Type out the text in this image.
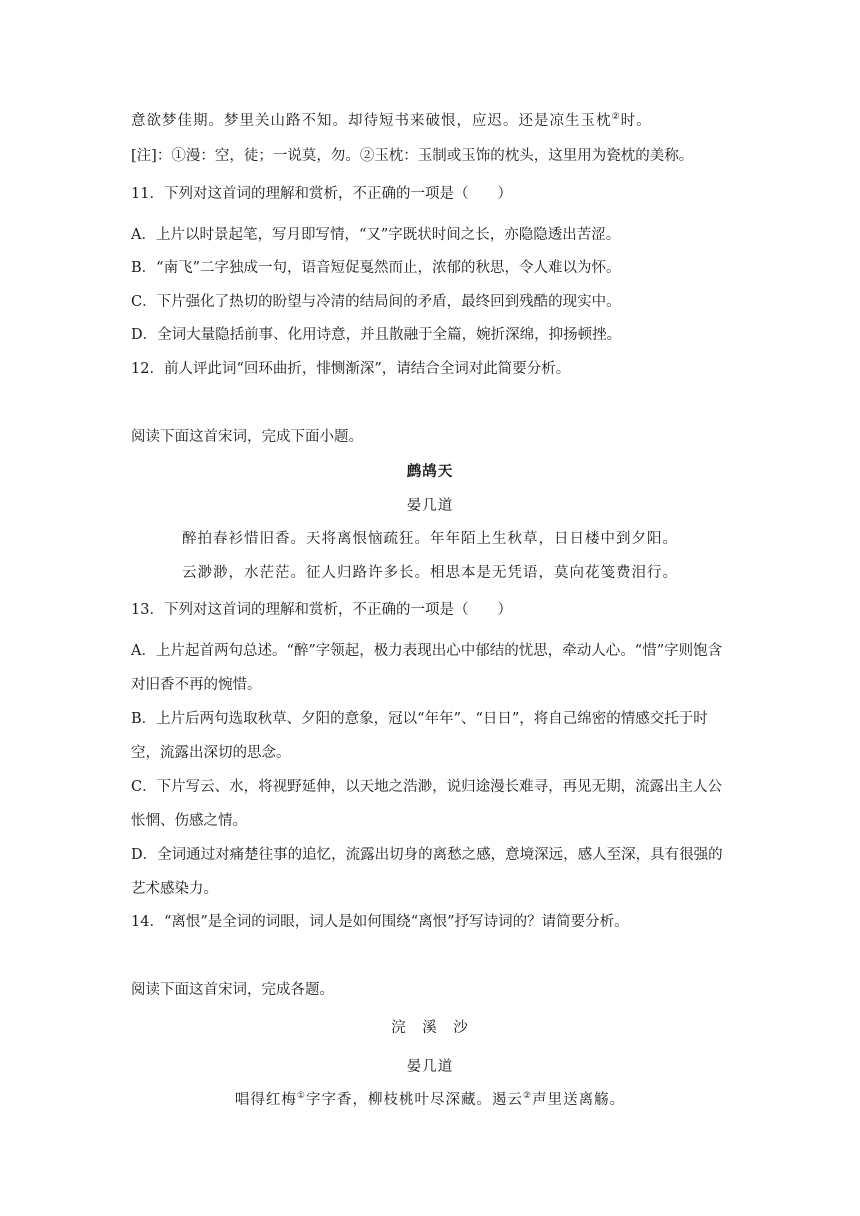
意欲梦佳期。梦里关山路不知。却待短书来破恨，应迟。还是凉生玉枕②时。
[注]：①漫：空，徒；一说莫，勿。②玉枕：玉制或玉饰的枕头，这里用为瓷枕的美称。
11．下列对这首词的理解和赏析，不正确的一项是（　　）
A．上片以时景起笔，写月即写情，“又”字既状时间之长，亦隐隐透出苦涩。
B．“南飞”二字独成一句，语音短促戛然而止，浓郁的秋思，令人难以为怀。
C．下片强化了热切的盼望与冷清的结局间的矛盾，最终回到残酷的现实中。
D．全词大量隐括前事、化用诗意，并且散融于全篇，婉折深绵，抑扬顿挫。
12．前人评此词“回环曲折，悱恻渐深”，请结合全词对此简要分析。
阅读下面这首宋词，完成下面小题。
鹧鸪天
晏几道
醉拍春衫惜旧香。天将离恨恼疏狂。年年陌上生秋草，日日楼中到夕阳。
云渺渺，水茫茫。征人归路许多长。相思本是无凭语，莫向花笺费泪行。
13．下列对这首词的理解和赏析，不正确的一项是（　　）
A．上片起首两句总述。“醉”字领起，极力表现出心中郁结的忧思，牵动人心。“惜”字则饱含对旧香不再的惋惜。
B．上片后两句选取秋草、夕阳的意象，冠以“年年”、“日日”，将自己绵密的情感交托于时空，流露出深切的思念。
C．下片写云、水，将视野延伸，以天地之浩渺，说归途漫长难寻，再见无期，流露出主人公怅惘、伤感之情。
D．全词通过对痛楚往事的追忆，流露出切身的离愁之感，意境深远，感人至深，具有很强的艺术感染力。
14．“离恨”是全词的词眼，词人是如何围绕“离恨”抒写诗词的？请简要分析。
阅读下面这首宋词，完成各题。
浣　溪　沙
晏几道
唱得红梅①字字香，柳枝桃叶尽深藏。遏云②声里送离觞。
